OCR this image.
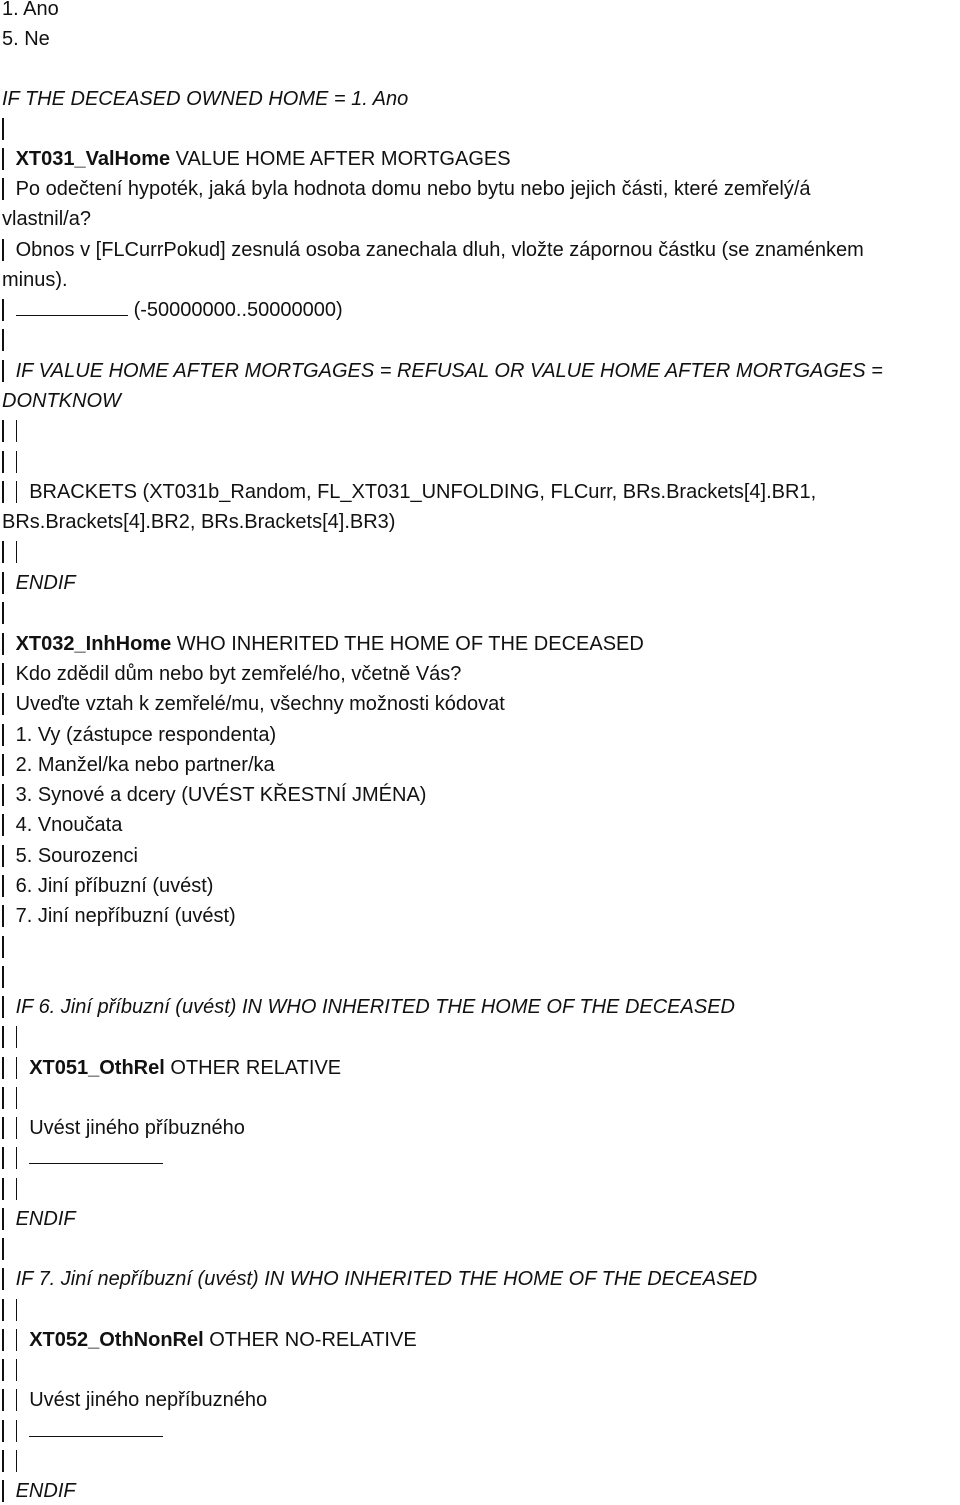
1. Ano
5. Ne
IF THE DECEASED OWNED HOME = 1. Ano
XT031_ValHome VALUE HOME AFTER MORTGAGES
Po odečtení hypoték, jaká byla hodnota domu nebo bytu nebo jejich části, které zemřelý/á
vlastnil/a?
Obnos v [FLCurrPokud] zesnulá osoba zanechala dluh, vložte zápornou částku (se znaménkem
minus).
(-50000000..50000000)
IF VALUE HOME AFTER MORTGAGES = REFUSAL OR VALUE HOME AFTER MORTGAGES =
DONTKNOW
BRACKETS (XT031b_Random, FL_XT031_UNFOLDING, FLCurr, BRs.Brackets[4].BR1,
BRs.Brackets[4].BR2, BRs.Brackets[4].BR3)
ENDIF
XT032_InhHome WHO INHERITED THE HOME OF THE DECEASED
Kdo zdědil dům nebo byt zemřelé/ho, včetně Vás?
Uveďte vztah k zemřelé/mu, všechny možnosti kódovat
1. Vy (zástupce respondenta)
2. Manžel/ka nebo partner/ka
3. Synové a dcery (UVÉST KŘESTNÍ JMÉNA)
4. Vnoučata
5. Sourozenci
6. Jiní příbuzní (uvést)
7. Jiní nepříbuzní (uvést)
IF 6. Jiní příbuzní (uvést) IN WHO INHERITED THE HOME OF THE DECEASED
XT051_OthRel OTHER RELATIVE
Uvést jiného příbuzného
ENDIF
IF 7. Jiní nepříbuzní (uvést) IN WHO INHERITED THE HOME OF THE DECEASED
XT052_OthNonRel OTHER NO-RELATIVE
Uvést jiného nepříbuzného
ENDIF
